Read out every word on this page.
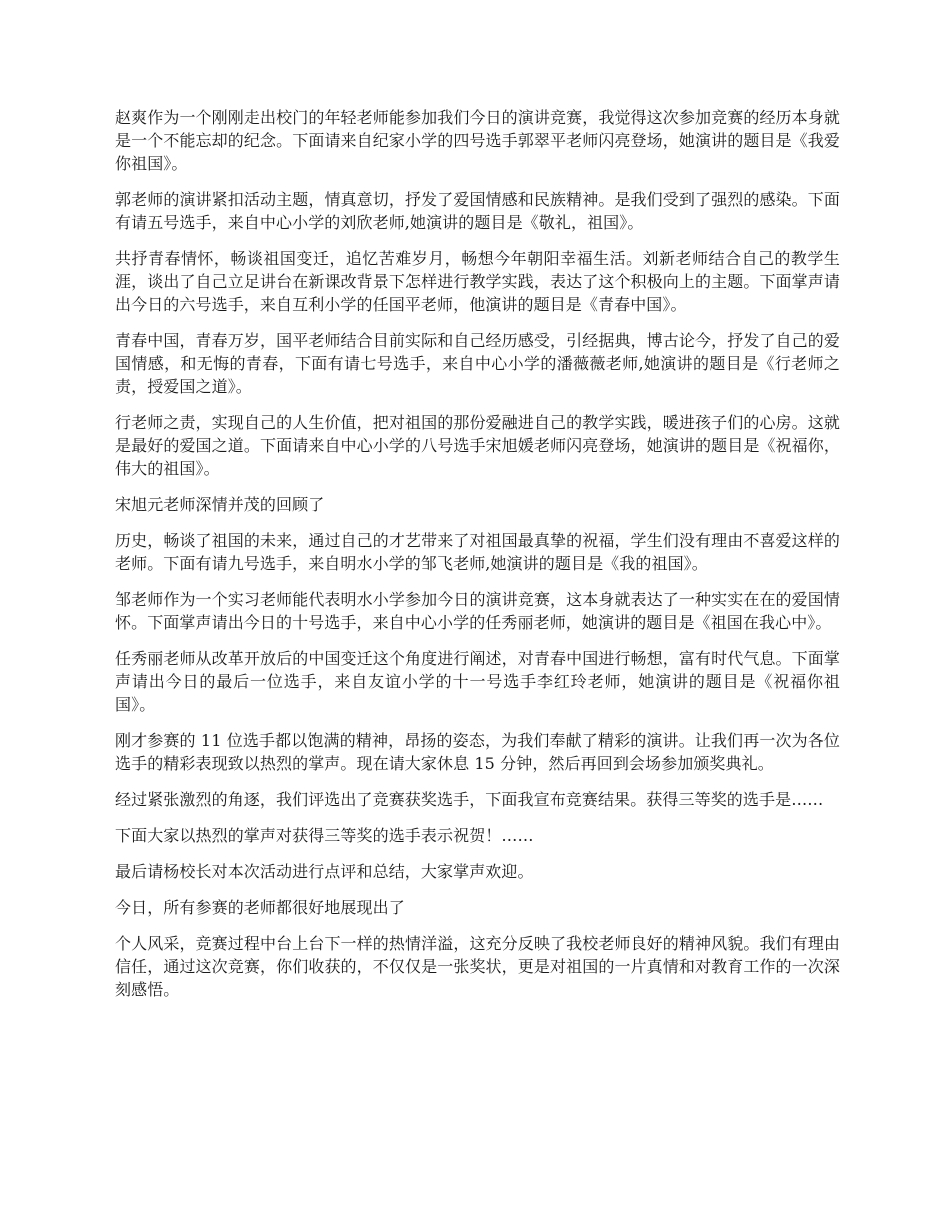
赵爽作为一个刚刚走出校门的年轻老师能参加我们今日的演讲竞赛，我觉得这次参加竞赛的经历本身就是一个不能忘却的纪念。下面请来自纪家小学的四号选手郭翠平老师闪亮登场，她演讲的题目是《我爱你祖国》。

郭老师的演讲紧扣活动主题，情真意切，抒发了爱国情感和民族精神。是我们受到了强烈的感染。下面有请五号选手，来自中心小学的刘欣老师,她演讲的题目是《敬礼，祖国》。

共抒青春情怀，畅谈祖国变迁，追忆苦难岁月，畅想今年朝阳幸福生活。刘新老师结合自己的教学生涯，谈出了自己立足讲台在新课改背景下怎样进行教学实践，表达了这个积极向上的主题。下面掌声请出今日的六号选手，来自互利小学的任国平老师，他演讲的题目是《青春中国》。

青春中国，青春万岁，国平老师结合目前实际和自己经历感受，引经据典，博古论今，抒发了自己的爱国情感，和无悔的青春，下面有请七号选手，来自中心小学的潘薇薇老师,她演讲的题目是《行老师之责，授爱国之道》。

行老师之责，实现自己的人生价值，把对祖国的那份爱融进自己的教学实践，暖进孩子们的心房。这就是最好的爱国之道。下面请来自中心小学的八号选手宋旭媛老师闪亮登场，她演讲的题目是《祝福你，伟大的祖国》。

宋旭元老师深情并茂的回顾了

历史，畅谈了祖国的未来，通过自己的才艺带来了对祖国最真挚的祝福，学生们没有理由不喜爱这样的老师。下面有请九号选手，来自明水小学的邹飞老师,她演讲的题目是《我的祖国》。

邹老师作为一个实习老师能代表明水小学参加今日的演讲竞赛，这本身就表达了一种实实在在的爱国情怀。下面掌声请出今日的十号选手，来自中心小学的任秀丽老师，她演讲的题目是《祖国在我心中》。

任秀丽老师从改革开放后的中国变迁这个角度进行阐述，对青春中国进行畅想，富有时代气息。下面掌声请出今日的最后一位选手，来自友谊小学的十一号选手李红玲老师，她演讲的题目是《祝福你祖国》。

刚才参赛的 11 位选手都以饱满的精神，昂扬的姿态，为我们奉献了精彩的演讲。让我们再一次为各位选手的精彩表现致以热烈的掌声。现在请大家休息 15 分钟，然后再回到会场参加颁奖典礼。

经过紧张激烈的角逐，我们评选出了竞赛获奖选手，下面我宣布竞赛结果。获得三等奖的选手是……

下面大家以热烈的掌声对获得三等奖的选手表示祝贺！……

最后请杨校长对本次活动进行点评和总结，大家掌声欢迎。

今日，所有参赛的老师都很好地展现出了

个人风采，竞赛过程中台上台下一样的热情洋溢，这充分反映了我校老师良好的精神风貌。我们有理由信任，通过这次竞赛，你们收获的，不仅仅是一张奖状，更是对祖国的一片真情和对教育工作的一次深刻感悟。
